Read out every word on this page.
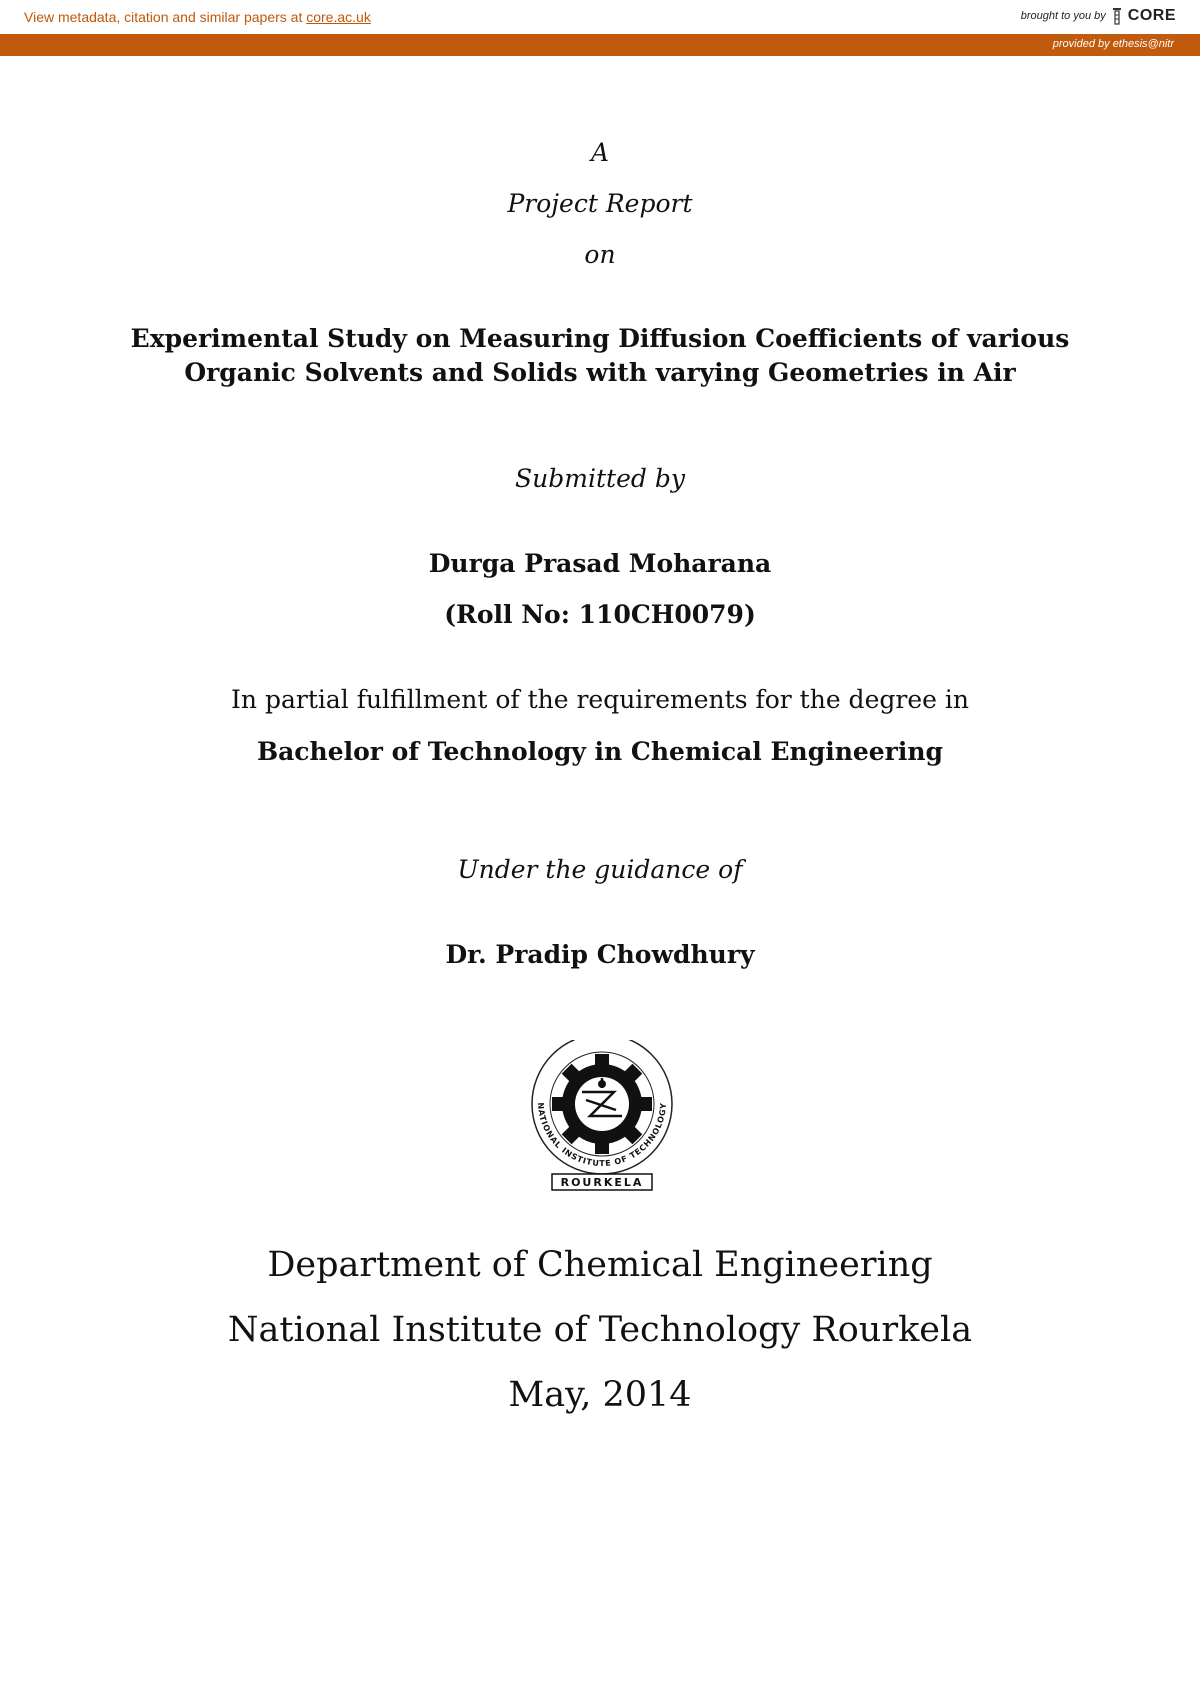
View metadata, citation and similar papers at core.ac.uk	brought to you by CORE
provided by ethesis@nitr
A
Project Report
on
Experimental Study on Measuring Diffusion Coefficients of various
Organic Solvents and Solids with varying Geometries in Air
Submitted by
Durga Prasad Moharana
(Roll No: 110CH0079)
In partial fulfillment of the requirements for the degree in
Bachelor of Technology in Chemical Engineering
Under the guidance of
Dr. Pradip Chowdhury
NATIONAL INSTITUTE OF TECHNOLOGY
ROURKELA
Department of Chemical Engineering
National Institute of Technology Rourkela
May, 2014
